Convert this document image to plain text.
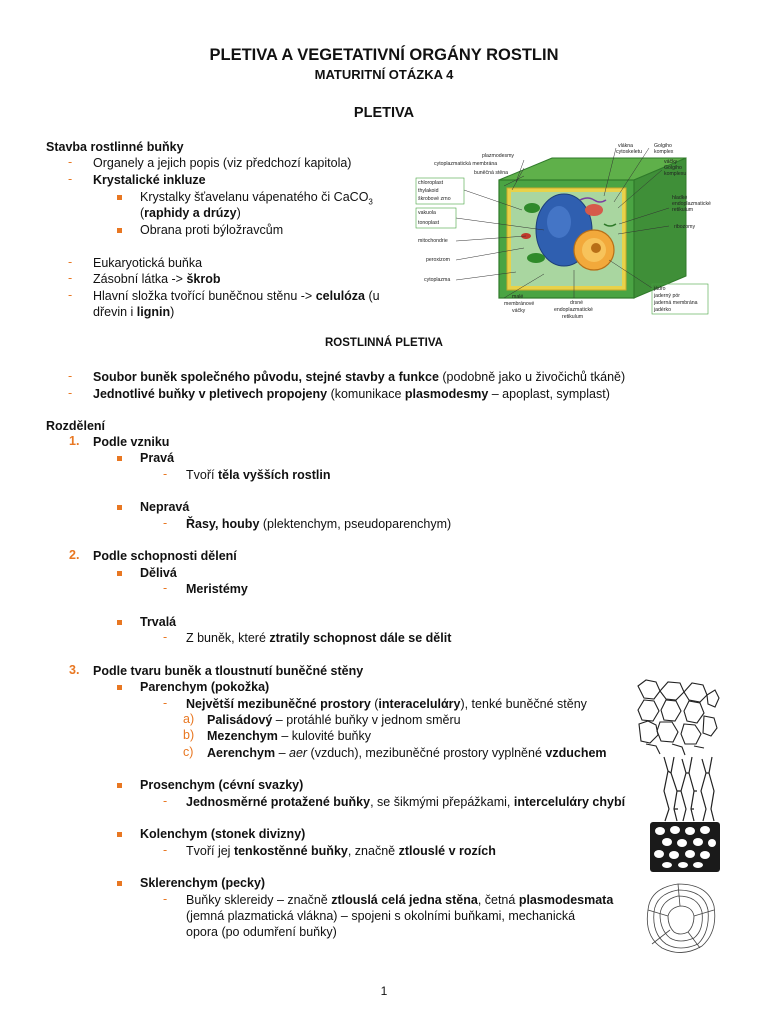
PLETIVA A VEGETATIVNÍ ORGÁNY ROSTLIN
MATURITNÍ OTÁZKA 4
PLETIVA
Stavba rostlinné buňky
- Organely a jejich popis (viz předchozí kapitola)
- Krystalické inkluze
Krystalky šťavelanu vápenatého či CaCO$_3$
(raphidy a drúzy)
Obrana proti býložravcům
- Eukaryotická buňka
- Zásobní látka -> škrob
- Hlavní složka tvořící buněčnou stěnu -> celulóza (u
dřevin i lignin)
plazmodesmy
cytoplazmatická membrána
buněčná stěna
chloroplast
thylakoid
škrobové zrno
vakuola
tonoplast
mitochondrie
peroxizom
cytoplazma
malé
membránové
váčky
drsné
endoplazmatické
retikulum
vláknа
cytoskeletu
Golgiho
komplex
váčky
Golgiho
komplexu
hladké
endoplazmatické
retikulum
ribozomy
jádro
jaderný pór
jaderná membrána
jadérko
ROSTLINNÁ PLETIVA
- Soubor buněk společného původu, stejné stavby a funkce (podobně jako u živočichů tkáně)
- Jednotlivé buňky v pletivech propojeny (komunikace plasmodesmy – apoplast, symplast)
Rozdělení
1. Podle vzniku
Pravá
- Tvoří těla vyšších rostlin
Nepravá
- Řasy, houby (plektenchym, pseudoparenchym)
2. Podle schopnosti dělení
Dělivá
- Meristémy
Trvalá
- Z buněk, které ztratily schopnost dále se dělit
3. Podle tvaru buněk a tloustnutí buněčné stěny
Parenchym (pokožka)
- Největší mezibuněčné prostory (interacelulάry), tenké buněčné stěny
a) Palisádový – protáhlé buňky v jednom směru
b) Mezenchym – kulovité buňky
c) Aerenchym – aer (vzduch), mezibuněčné prostory vyplněné vzduchem
Prosenchym (cévní svazky)
- Jednosměrné protažené buňky, se šikmými přepážkami, intercelulάry chybí
Kolenchym (stonek divizny)
- Tvoří jej tenkostěnné buňky, značně ztlouslé v rozích
Sklerenchym (pecky)
- Buňky sklereidy – značně ztlouslá celá jedna stěna, četná plasmodesmata
(jemná plazmatická vlákna) – spojeni s okolními buňkami, mechanická
opora (po odumření buňky)
1
